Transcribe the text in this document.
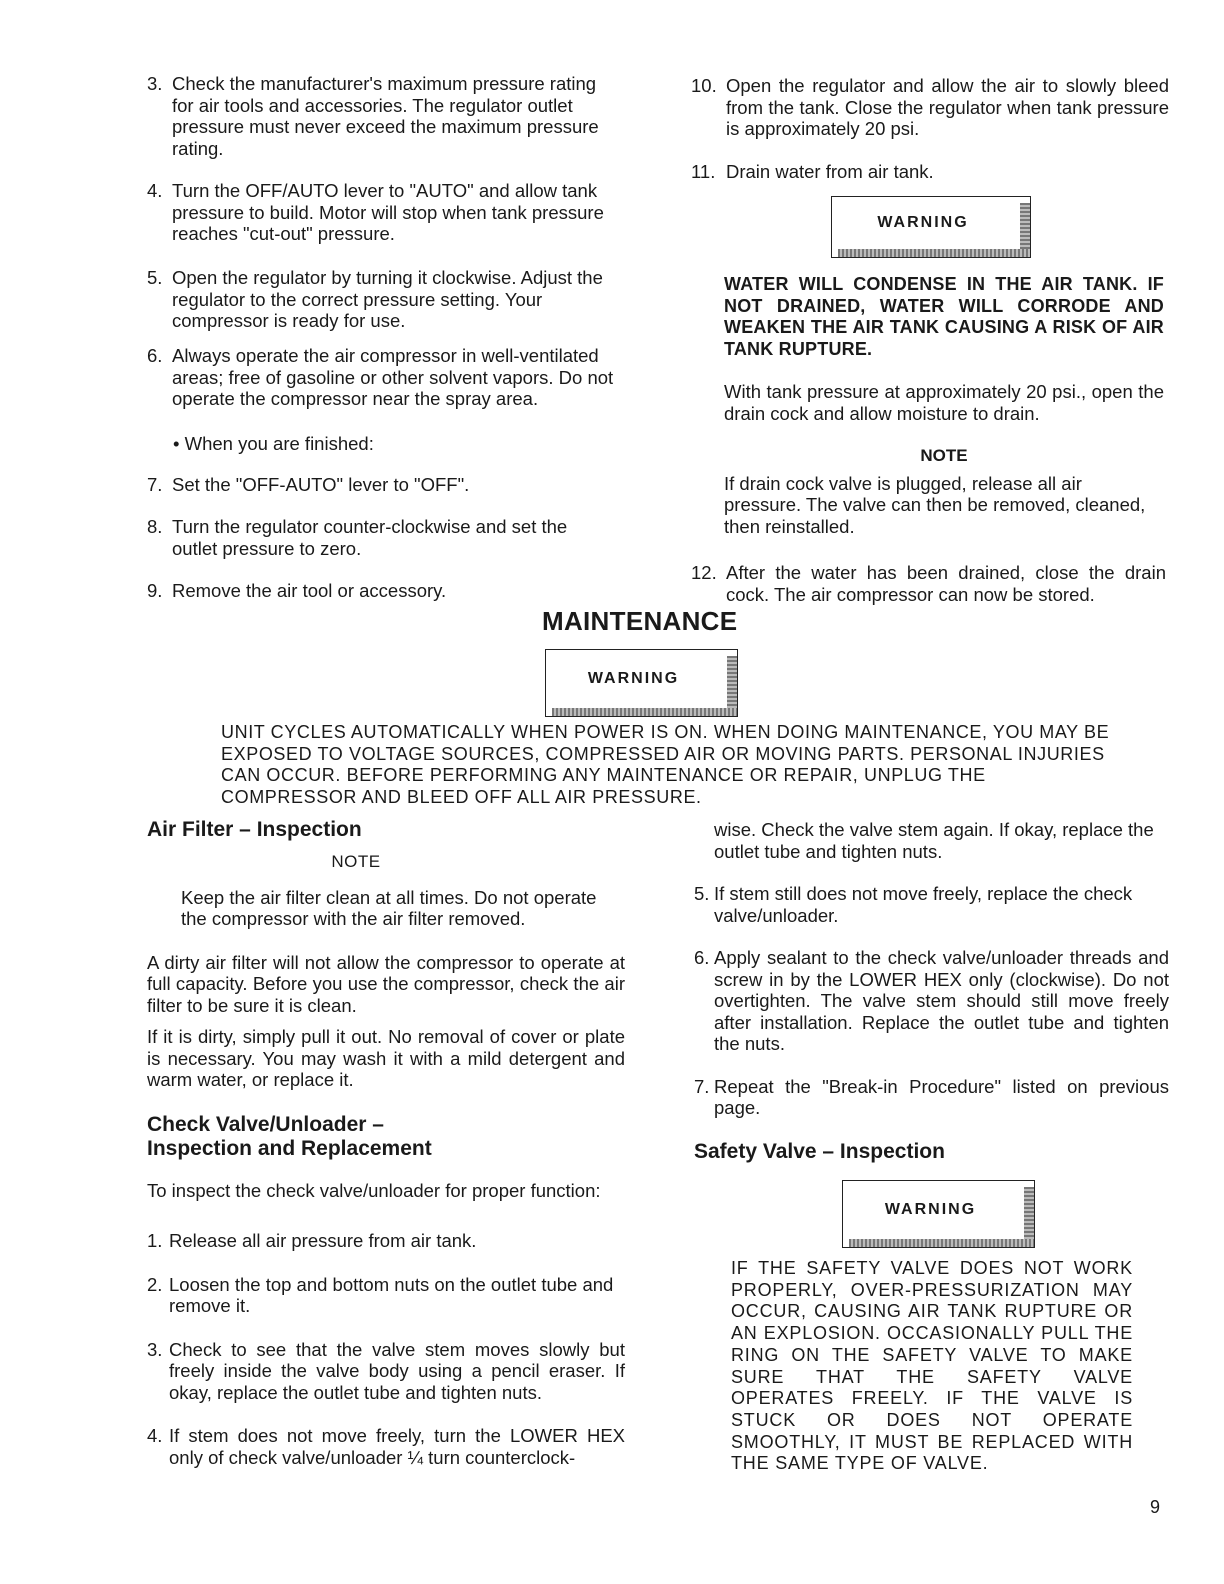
3. Check the manufacturer's maximum pressure rating for air tools and accessories. The regulator outlet pressure must never exceed the maximum pressure rating.

4. Turn the OFF/AUTO lever to "AUTO" and allow tank pressure to build. Motor will stop when tank pressure reaches "cut-out" pressure.

5. Open the regulator by turning it clockwise. Adjust the regulator to the correct pressure setting. Your compressor is ready for use.

6. Always operate the air compressor in well-ventilated areas; free of gasoline or other solvent vapors. Do not operate the compressor near the spray area.

• When you are finished:

7. Set the "OFF-AUTO" lever to "OFF".

8. Turn the regulator counter-clockwise and set the outlet pressure to zero.

9. Remove the air tool or accessory.

10. Open the regulator and allow the air to slowly bleed from the tank. Close the regulator when tank pressure is approximately 20 psi.

11. Drain water from air tank.

WARNING

WATER WILL CONDENSE IN THE AIR TANK. IF NOT DRAINED, WATER WILL CORRODE AND WEAKEN THE AIR TANK CAUSING A RISK OF AIR TANK RUPTURE.

With tank pressure at approximately 20 psi., open the drain cock and allow moisture to drain.

NOTE

If drain cock valve is plugged, release all air pressure. The valve can then be removed, cleaned, then reinstalled.

12. After the water has been drained, close the drain cock. The air compressor can now be stored.

MAINTENANCE
WARNING

UNIT CYCLES AUTOMATICALLY WHEN POWER IS ON. WHEN DOING MAINTENANCE, YOU MAY BE EXPOSED TO VOLTAGE SOURCES, COMPRESSED AIR OR MOVING PARTS. PERSONAL INJURIES CAN OCCUR. BEFORE PERFORMING ANY MAINTENANCE OR REPAIR, UNPLUG THE COMPRESSOR AND BLEED OFF ALL AIR PRESSURE.

Air Filter – Inspection

NOTE

Keep the air filter clean at all times. Do not operate the compressor with the air filter removed.

A dirty air filter will not allow the compressor to operate at full capacity. Before you use the compressor, check the air filter to be sure it is clean.

If it is dirty, simply pull it out. No removal of cover or plate is necessary. You may wash it with a mild detergent and warm water, or replace it.

Check Valve/Unloader –
Inspection and Replacement

To inspect the check valve/unloader for proper function:

1. Release all air pressure from air tank.

2. Loosen the top and bottom nuts on the outlet tube and remove it.

3. Check to see that the valve stem moves slowly but freely inside the valve body using a pencil eraser. If okay, replace the outlet tube and tighten nuts.

4. If stem does not move freely, turn the LOWER HEX only of check valve/unloader ¼ turn counterclock-

wise. Check the valve stem again. If okay, replace the outlet tube and tighten nuts.

5. If stem still does not move freely, replace the check valve/unloader.

6. Apply sealant to the check valve/unloader threads and screw in by the LOWER HEX only (clockwise). Do not overtighten. The valve stem should still move freely after installation. Replace the outlet tube and tighten the nuts.

7. Repeat the "Break-in Procedure" listed on previous page.

Safety Valve – Inspection
WARNING

IF THE SAFETY VALVE DOES NOT WORK PROPERLY, OVER-PRESSURIZATION MAY OCCUR, CAUSING AIR TANK RUPTURE OR AN EXPLOSION. OCCASIONALLY PULL THE RING ON THE SAFETY VALVE TO MAKE SURE THAT THE SAFETY VALVE OPERATES FREELY. IF THE VALVE IS STUCK OR DOES NOT OPERATE SMOOTHLY, IT MUST BE REPLACED WITH THE SAME TYPE OF VALVE.

9
